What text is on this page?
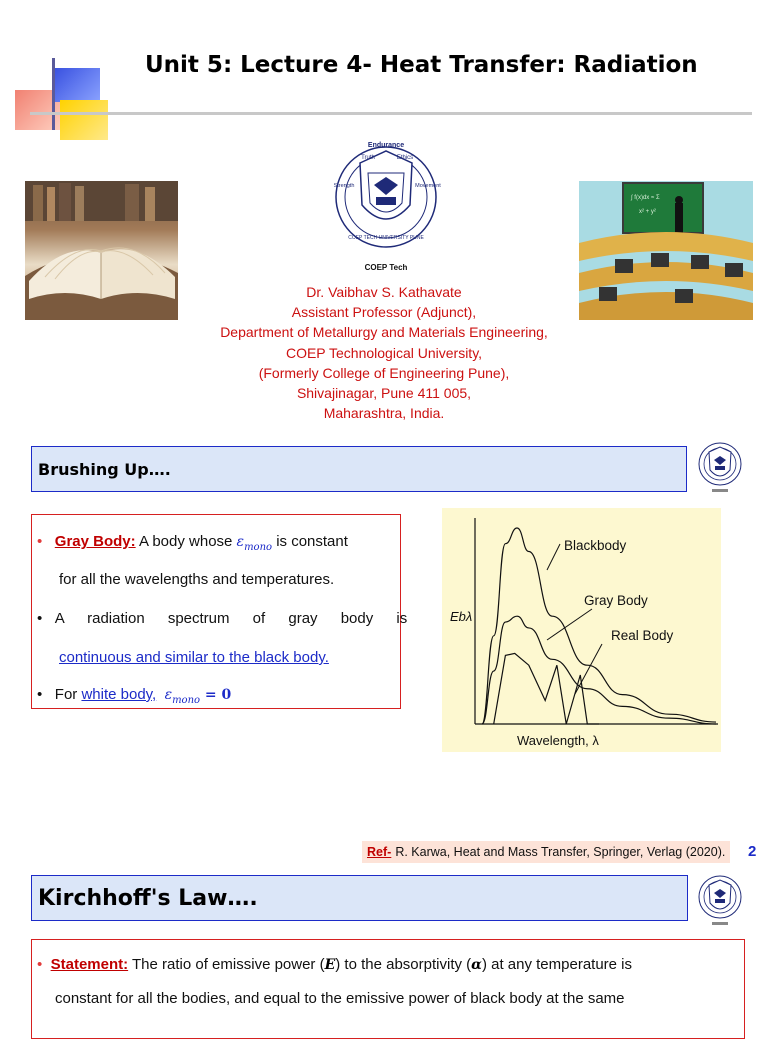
Unit 5: Lecture 4- Heat Transfer: Radiation
Endurance
Truth	Ethics
Strength	Movement
COEP TECH UNIVERSITY PUNE
COEP Tech
∫ f(x)dx ≈ Σ
x² + y²
Dr. Vaibhav S. Kathavate
Assistant Professor (Adjunct),
Department of Metallurgy and Materials Engineering,
COEP Technological University,
(Formerly College of Engineering Pune),
Shivajinagar, Pune 411 005,
Maharashtra, India.
Brushing Up….
• Gray Body: A body whose $\varepsilon_{mono}$ is constant
for all the wavelengths and temperatures.
• A radiation spectrum of gray body is
continuous and similar to the black body.
• For white body, $\varepsilon_{mono} = 0$
Ebλ
Wavelength, λ
Blackbody
Gray Body
Real Body
Ref- R. Karwa, Heat and Mass Transfer, Springer, Verlag (2020). 2
Kirchhoff's Law….
• Statement: The ratio of emissive power (E) to the absorptivity (α) at any temperature is
constant for all the bodies, and equal to the emissive power of black body at the same
